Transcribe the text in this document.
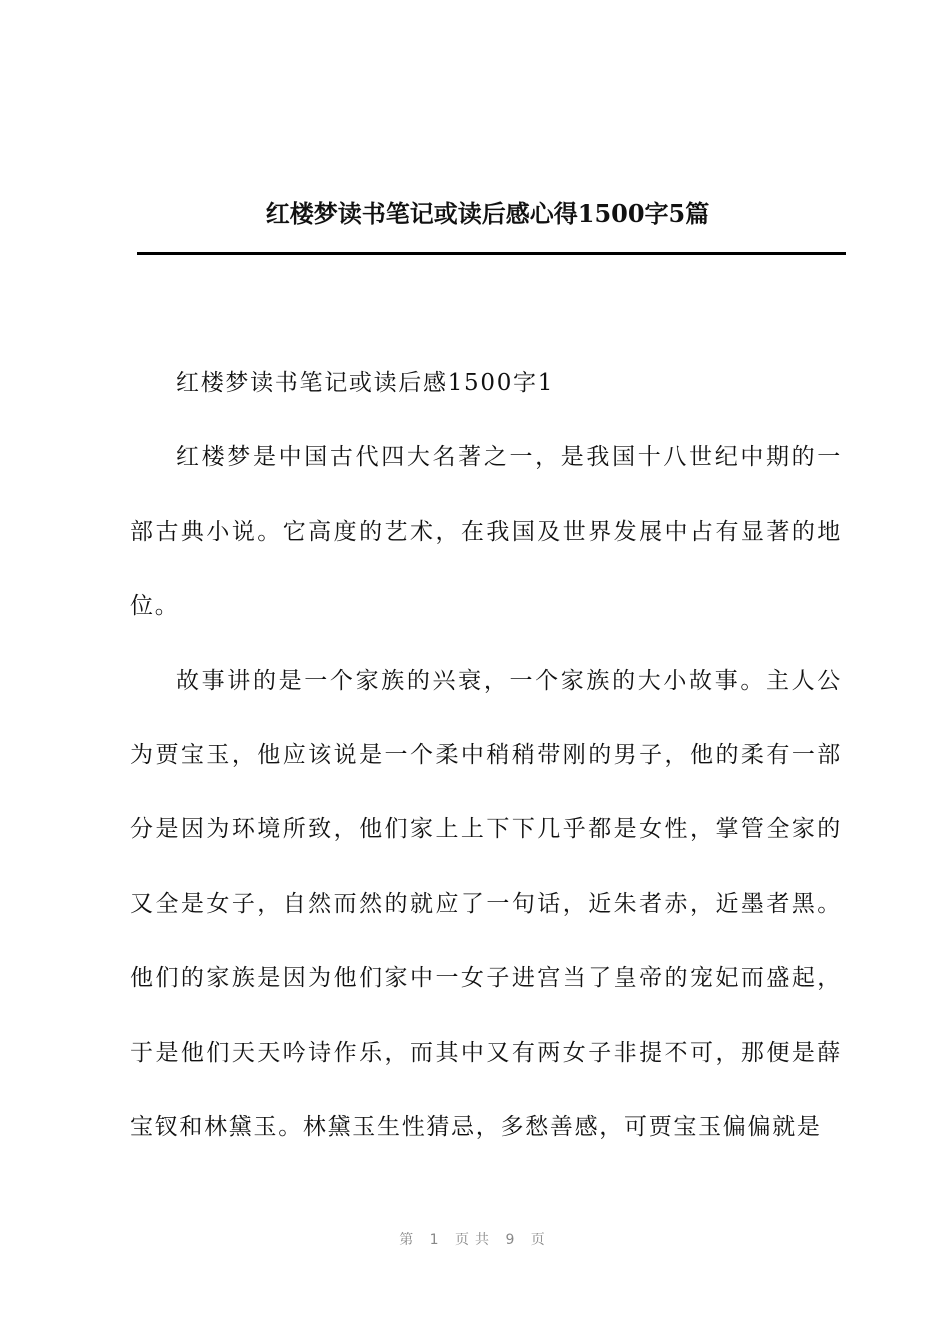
红楼梦读书笔记或读后感心得1500字5篇

红楼梦读书笔记或读后感1500字1

红楼梦是中国古代四大名著之一，是我国十八世纪中期的一部古典小说。它高度的艺术，在我国及世界发展中占有显著的地位。

故事讲的是一个家族的兴衰，一个家族的大小故事。主人公为贾宝玉，他应该说是一个柔中稍稍带刚的男子，他的柔有一部分是因为环境所致，他们家上上下下几乎都是女性，掌管全家的又全是女子，自然而然的就应了一句话，近朱者赤，近墨者黑。他们的家族是因为他们家中一女子进宫当了皇帝的宠妃而盛起，于是他们天天吟诗作乐，而其中又有两女子非提不可，那便是薛宝钗和林黛玉。林黛玉生性猜忌，多愁善感，可贾宝玉偏偏就是

第 1 页共 9 页
